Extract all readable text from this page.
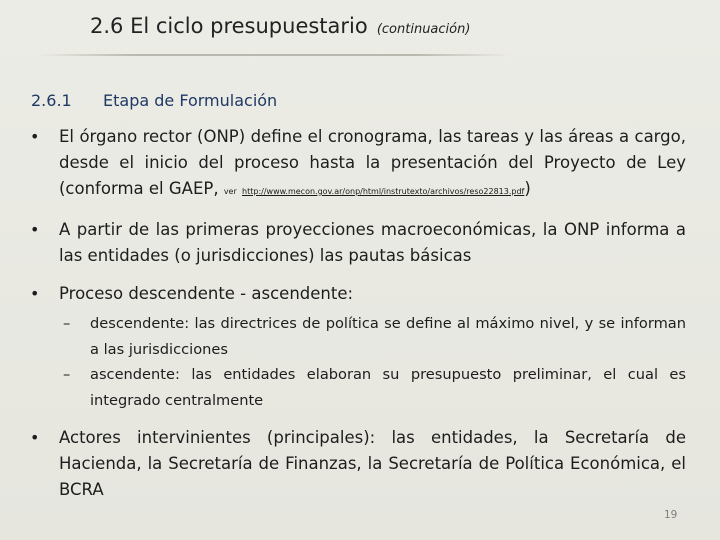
2.6 El ciclo presupuestario (continuación)
2.6.1 Etapa de Formulación
• El órgano rector (ONP) define el cronograma, las tareas y las áreas a cargo, desde el inicio del proceso hasta la presentación del Proyecto de Ley (conforma el GAEP, ver http://www.mecon.gov.ar/onp/html/instrutexto/archivos/reso22813.pdf)
• A partir de las primeras proyecciones macroeconómicas, la ONP informa a las entidades (o jurisdicciones) las pautas básicas
• Proceso descendente - ascendente:
– descendente: las directrices de política se define al máximo nivel, y se informan a las jurisdicciones
– ascendente: las entidades elaboran su presupuesto preliminar, el cual es integrado centralmente
• Actores intervinientes (principales): las entidades, la Secretaría de Hacienda, la Secretaría de Finanzas, la Secretaría de Política Económica, el BCRA
19
